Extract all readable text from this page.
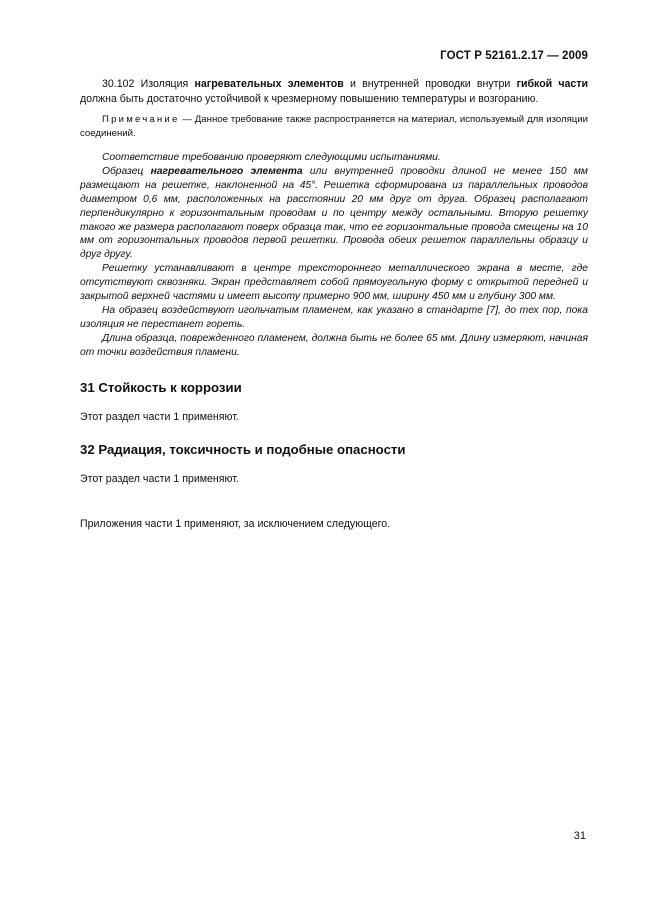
ГОСТ Р 52161.2.17 — 2009

30.102 Изоляция нагревательных элементов и внутренней проводки внутри гибкой части должна быть достаточно устойчивой к чрезмерному повышению температуры и возгоранию.

Примечание — Данное требование также распространяется на материал, используемый для изоляции соединений.

Соответствие требованию проверяют следующими испытаниями.

Образец нагревательного элемента или внутренней проводки длиной не менее 150 мм размещают на решетке, наклоненной на 45°. Решетка сформирована из параллельных проводов диаметром 0,6 мм, расположенных на расстоянии 20 мм друг от друга. Образец располагают перпендикулярно к горизонтальным проводам и по центру между остальными. Вторую решетку такого же размера располагают поверх образца так, что ее горизонтальные провода смещены на 10 мм от горизонтальных проводов первой решетки. Провода обеих решеток параллельны образцу и друг другу.

Решетку устанавливают в центре трехстороннего металлического экрана в месте, где отсутствуют сквозняки. Экран представляет собой прямоугольную форму с открытой передней и закрытой верхней частями и имеет высоту примерно 900 мм, ширину 450 мм и глубину 300 мм.

На образец воздействуют игольчатым пламенем, как указано в стандарте [7], до тех пор, пока изоляция не перестанет гореть.

Длина образца, поврежденного пламенем, должна быть не более 65 мм. Длину измеряют, начиная от точки воздействия пламени.

31 Стойкость к коррозии

Этот раздел части 1 применяют.

32 Радиация, токсичность и подобные опасности

Этот раздел части 1 применяют.

Приложения части 1 применяют, за исключением следующего.

31
